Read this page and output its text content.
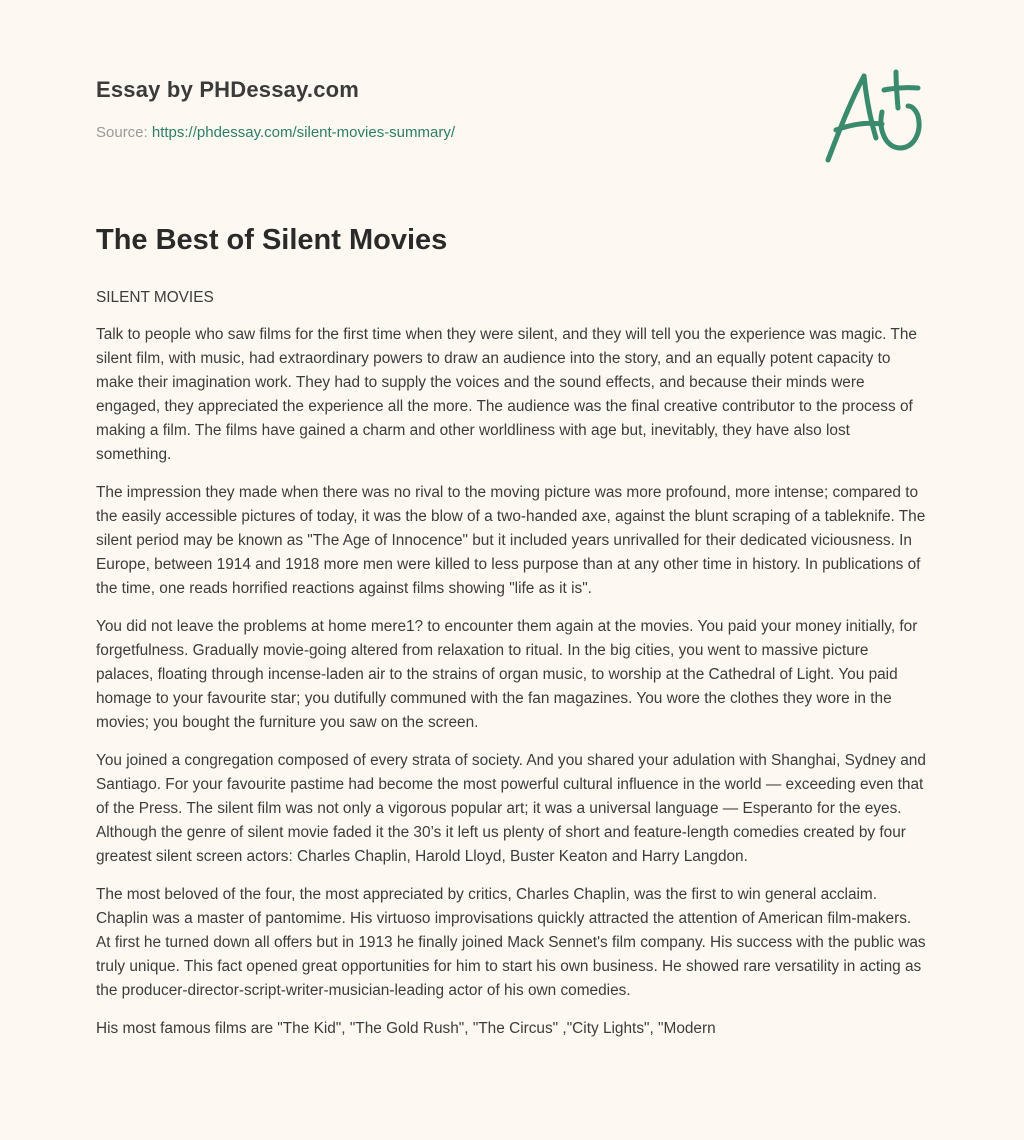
Essay by PHDessay.com
Source: https://phdessay.com/silent-movies-summary/
The Best of Silent Movies

SILENT MOVIES

Talk to people who saw films for the first time when they were silent, and they will tell you the experience was magic. The silent film, with music, had extraordinary powers to draw an audience into the story, and an equally potent capacity to make their imagination work. They had to supply the voices and the sound effects, and because their minds were engaged, they appreciated the experience all the more. The audience was the final creative contributor to the process of making a film. The films have gained a charm and other worldliness with age but, inevitably, they have also lost something.

The impression they made when there was no rival to the moving picture was more profound, more intense; compared to the easily accessible pictures of today, it was the blow of a two-handed axe, against the blunt scraping of a tableknife. The silent period may be known as "The Age of Innocence" but it included years unrivalled for their dedicated viciousness. In Europe, between 1914 and 1918 more men were killed to less purpose than at any other time in history. In publications of the time, one reads horrified reactions against films showing "life as it is".

You did not leave the problems at home mere1? to encounter them again at the movies. You paid your money initially, for forgetfulness. Gradually movie-going altered from relaxation to ritual. In the big cities, you went to massive picture palaces, floating through incense-laden air to the strains of organ music, to worship at the Cathedral of Light. You paid homage to your favourite star; you dutifully communed with the fan magazines. You wore the clothes they wore in the movies; you bought the furniture you saw on the screen.

You joined a congregation composed of every strata of society. And you shared your adulation with Shanghai, Sydney and Santiago. For your favourite pastime had become the most powerful cultural influence in the world — exceeding even that of the Press. The silent film was not only a vigorous popular art; it was a universal language — Esperanto for the eyes. Although the genre of silent movie faded it the 30’s it left us plenty of short and feature-length comedies created by four greatest silent screen actors: Charles Chaplin, Harold Lloyd, Buster Keaton and Harry Langdon.

The most beloved of the four, the most appreciated by critics, Charles Chaplin, was the first to win general acclaim. Chaplin was a master of pantomime. His virtuoso improvisations quickly attracted the attention of American film-makers. At first he turned down all offers but in 1913 he finally joined Mack Sennet's film company. His success with the public was truly unique. This fact opened great opportunities for him to start his own business. He showed rare versatility in acting as the producer-director-script-writer-musician-leading actor of his own comedies.

His most famous films are "The Kid", "The Gold Rush", "The Circus" ,"City Lights", "Modern
